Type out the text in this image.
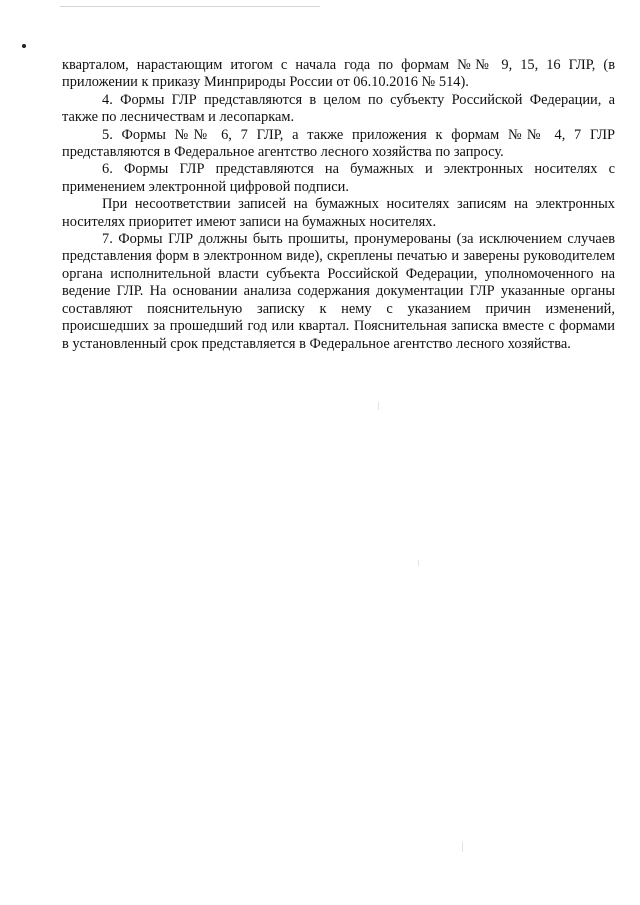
кварталом, нарастающим итогом с начала года по формам №№ 9, 15, 16 ГЛР, (в приложении к приказу Минприроды России от 06.10.2016 № 514).

4. Формы ГЛР представляются в целом по субъекту Российской Федерации, а также по лесничествам и лесопаркам.

5. Формы №№ 6, 7 ГЛР, а также приложения к формам №№ 4, 7 ГЛР представляются в Федеральное агентство лесного хозяйства по запросу.

6. Формы ГЛР представляются на бумажных и электронных носителях с применением электронной цифровой подписи.

При несоответствии записей на бумажных носителях записям на электронных носителях приоритет имеют записи на бумажных носителях.

7. Формы ГЛР должны быть прошиты, пронумерованы (за исключением случаев представления форм в электронном виде), скреплены печатью и заверены руководителем органа исполнительной власти субъекта Российской Федерации, уполномоченного на ведение ГЛР. На основании анализа содержания документации ГЛР указанные органы составляют пояснительную записку к нему с указанием причин изменений, происшедших за прошедший год или квартал. Пояснительная записка вместе с формами в установленный срок представляется в Федеральное агентство лесного хозяйства.
